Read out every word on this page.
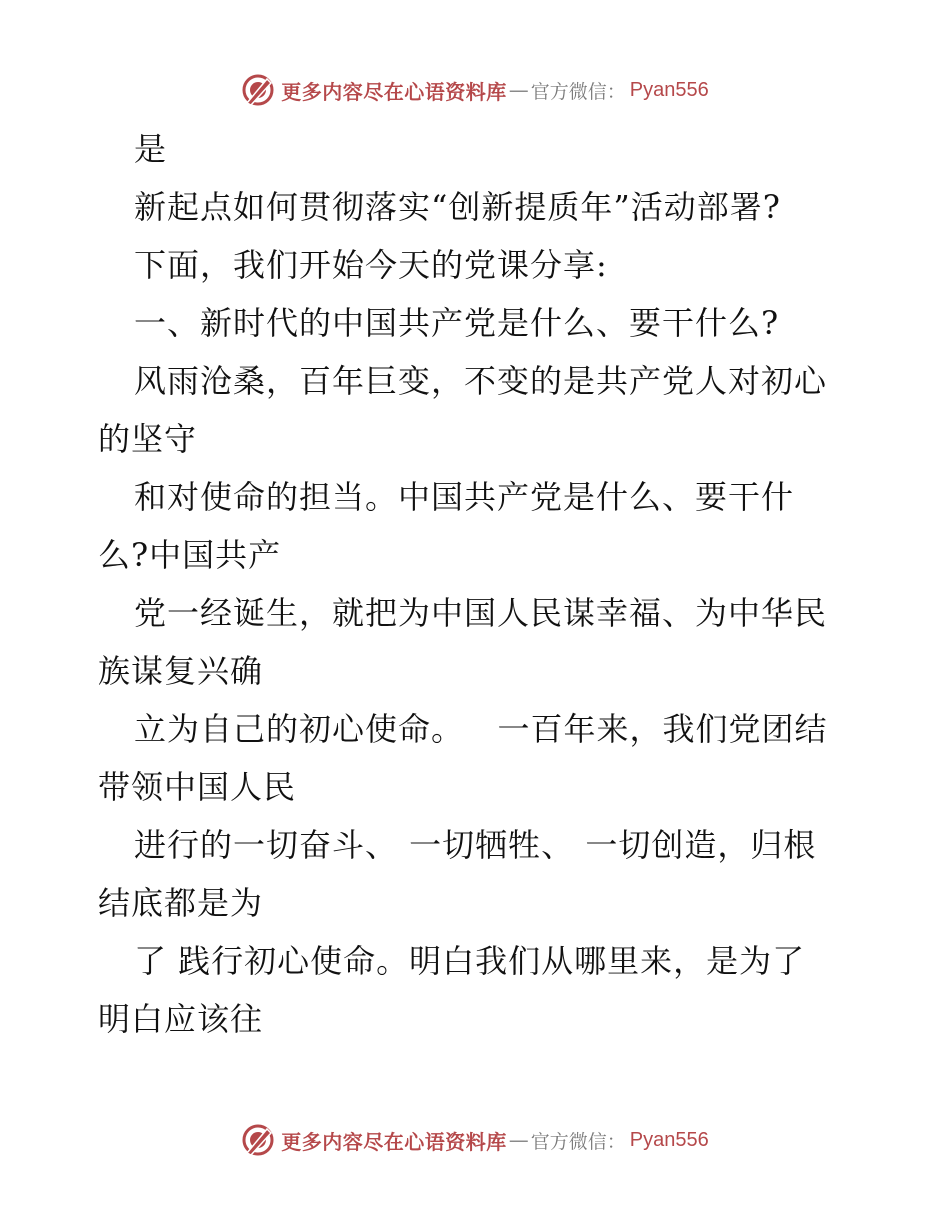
更多内容尽在心语资料库 — 官方微信： Pyan556
是
新起点如何贯彻落实“创新提质年”活动部署?
下面，我们开始今天的党课分享:
一、新时代的中国共产党是什么、要干什么?
风雨沧桑，百年巨变，不变的是共产党人对初心
的坚守
和对使命的担当。中国共产党是什么、要干什
么?中国共产
党一经诞生，就把为中国人民谋幸福、为中华民
族谋复兴确
立为自己的初心使命。   一百年来，我们党团结
带领中国人民
进行的一切奋斗、 一切牺牲、 一切创造，归根
结底都是为
了 践行初心使命。明白我们从哪里来，是为了
明白应该往
更多内容尽在心语资料库 — 官方微信： Pyan556
